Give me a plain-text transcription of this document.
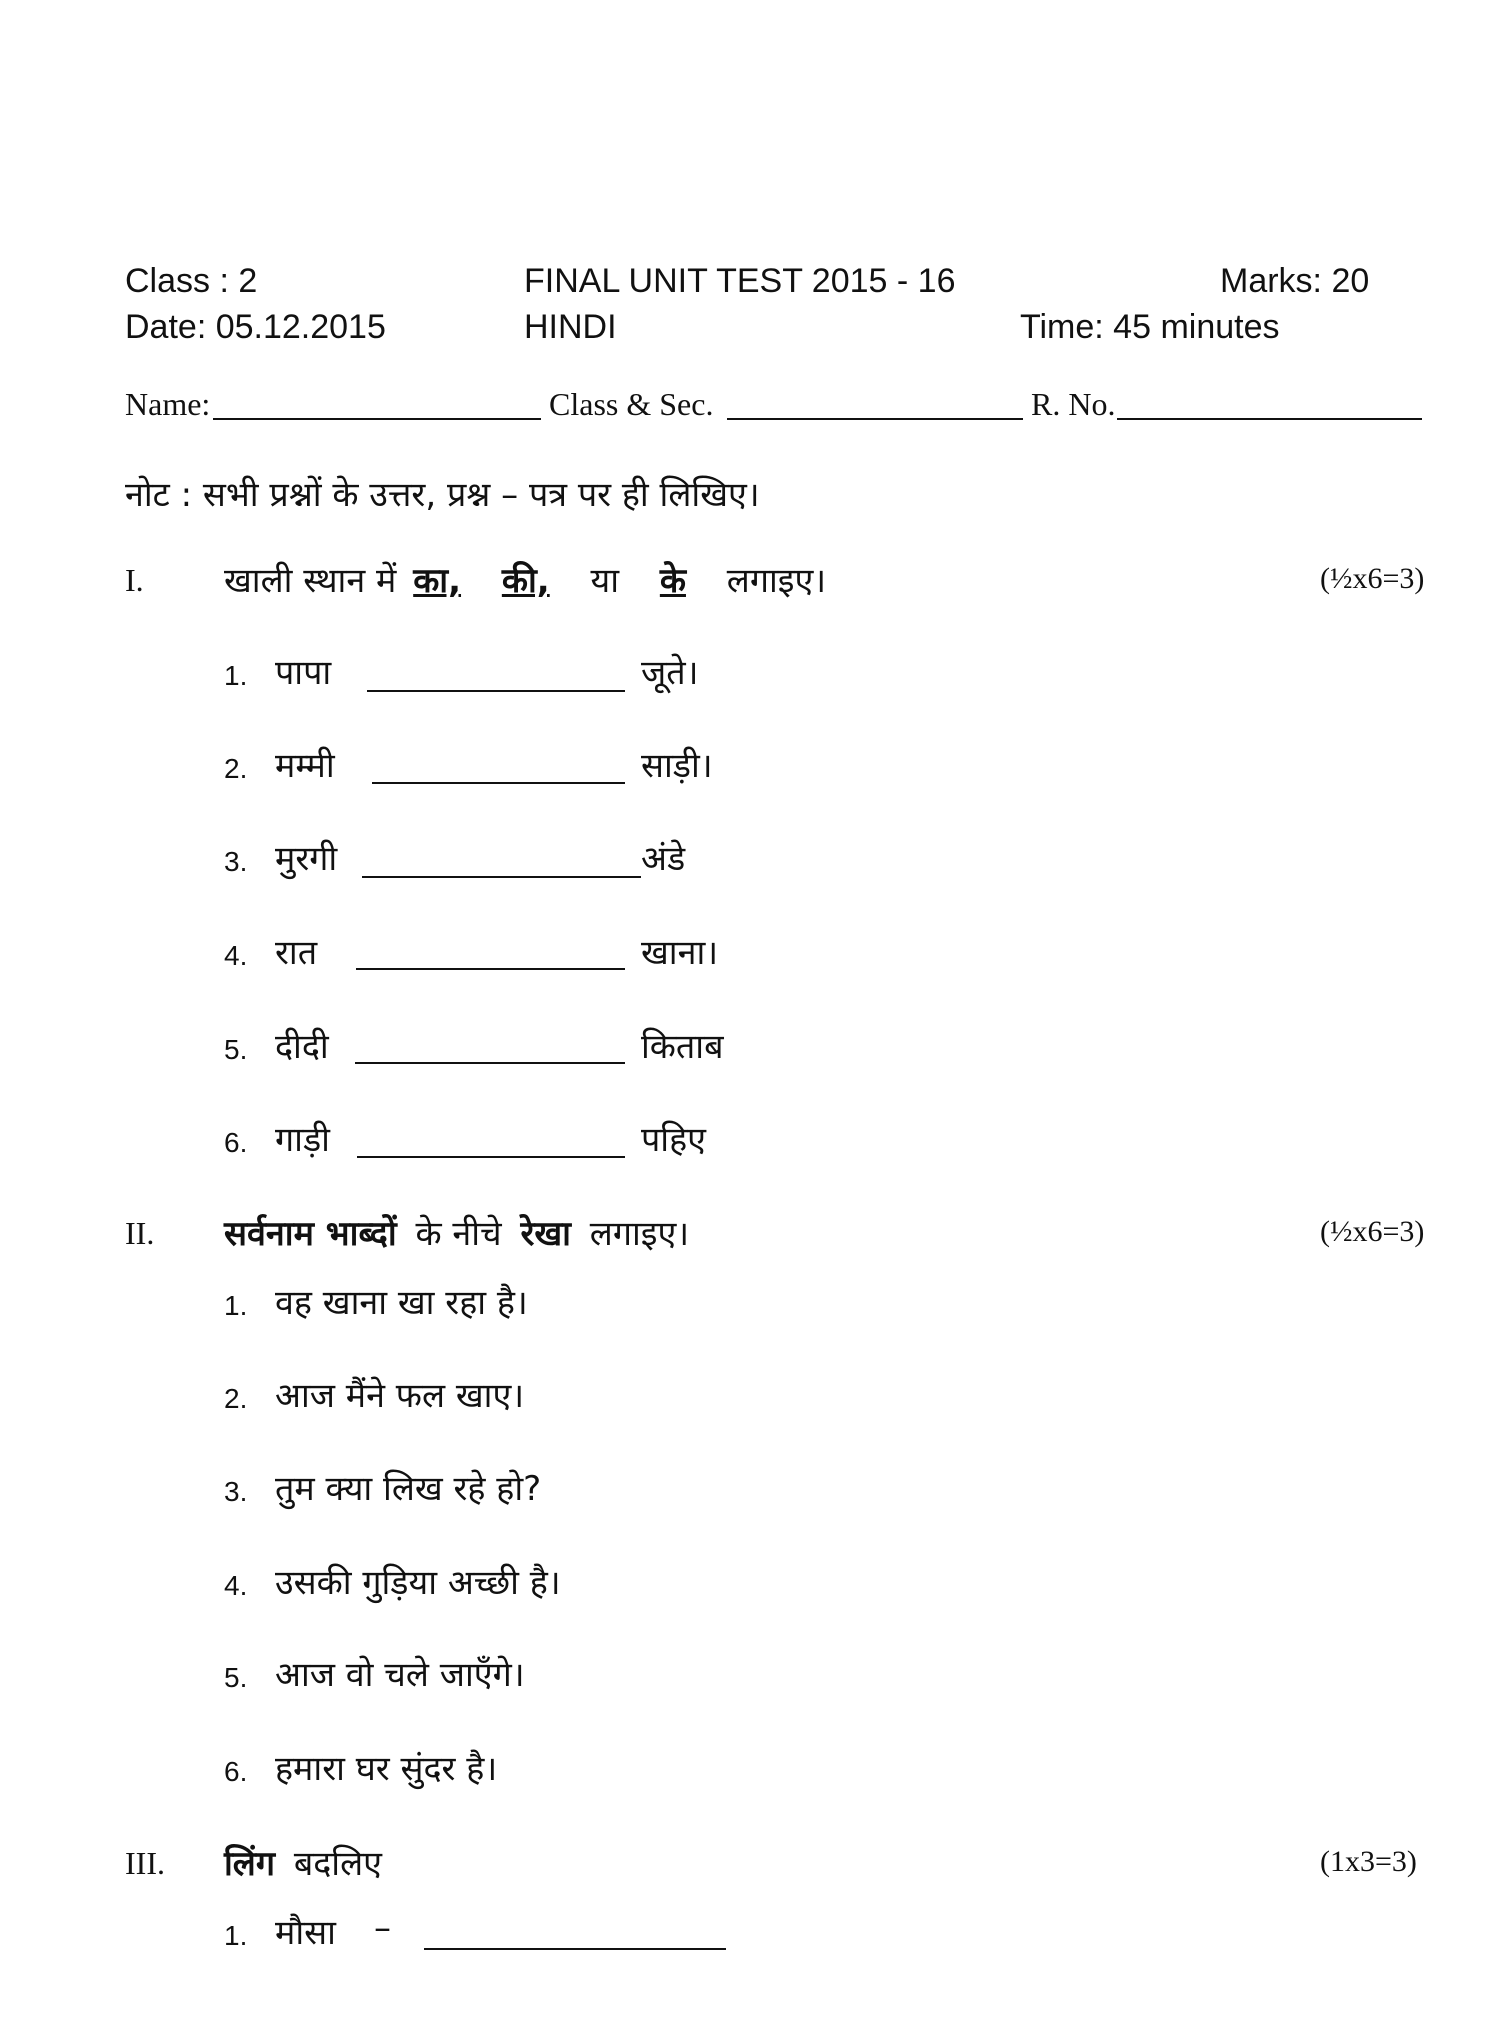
Class : 2
Date: 05.12.2015
FINAL UNIT TEST 2015 - 16
HINDI
Marks: 20
Time: 45 minutes
Name:	Class & Sec.	R. No.
नोट : सभी प्रश्नों के उत्तर, प्रश्न – पत्र पर ही लिखिए।
I. खाली स्थान में का, की, या के लगाइए।	(½x6=3)
1. पापा	जूते।
2. मम्मी	साड़ी।
3. मुरगी	अंडे
4. रात	खाना।
5. दीदी	किताब
6. गाड़ी	पहिए
II. सर्वनाम भाब्दों के नीचे रेखा लगाइए।	(½x6=3)
1. वह खाना खा रहा है।
2. आज मैंने फल खाए।
3. तुम क्या लिख रहे हो?
4. उसकी गुड़िया अच्छी है।
5. आज वो चले जाएँगे।
6. हमारा घर सुंदर है।
III. लिंग बदलिए	(1x3=3)
1. मौसा –
